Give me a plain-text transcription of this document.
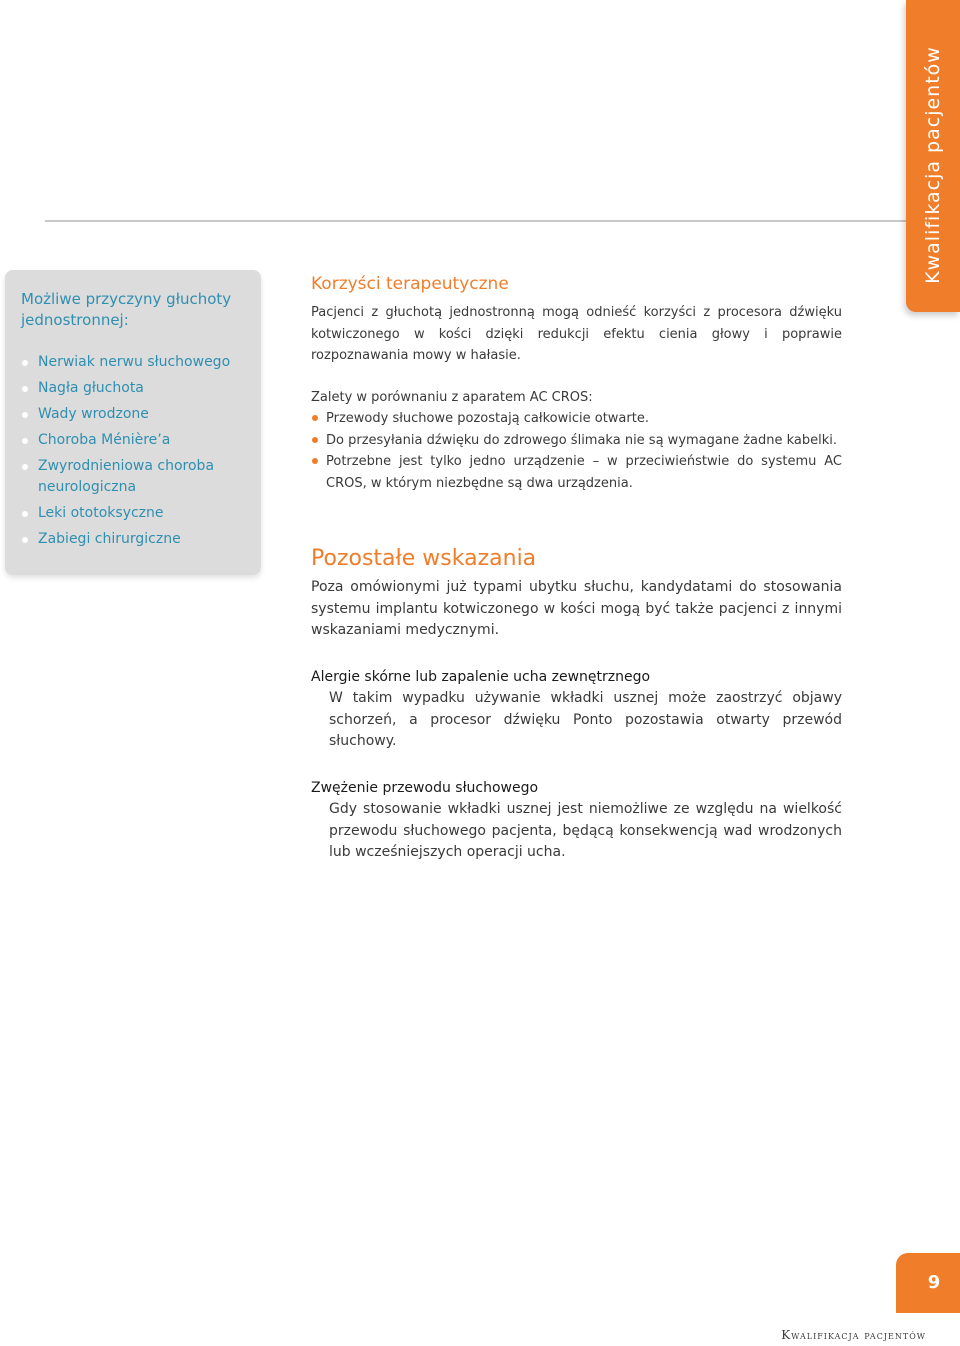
Kwalifikacja pacjentów
Możliwe przyczyny głuchoty jednostronnej:
Nerwiak nerwu słuchowego
Nagła głuchota
Wady wrodzone
Choroba Ménière’a
Zwyrodnieniowa choroba neurologiczna
Leki ototoksyczne
Zabiegi chirurgiczne
Korzyści terapeutyczne

Pacjenci z głuchotą jednostronną mogą odnieść korzyści z procesora dźwięku kotwiczonego w kości dzięki redukcji efektu cienia głowy i poprawie rozpoznawania mowy w hałasie.

Zalety w porównaniu z aparatem AC CROS:

Przewody słuchowe pozostają całkowicie otwarte.
Do przesyłania dźwięku do zdrowego ślimaka nie są wymagane żadne kabelki.
Potrzebne jest tylko jedno urządzenie – w przeciwieństwie do systemu AC CROS, w którym niezbędne są dwa urządzenia.
Pozostałe wskazania

Poza omówionymi już typami ubytku słuchu, kandydatami do stosowania systemu implantu kotwiczonego w kości mogą być także pacjenci z innymi wskazaniami medycznymi.

Alergie skórne lub zapalenie ucha zewnętrznego

W takim wypadku używanie wkładki usznej może zaostrzyć objawy schorzeń, a procesor dźwięku Ponto pozostawia otwarty przewód słuchowy.

Zwężenie przewodu słuchowego

Gdy stosowanie wkładki usznej jest niemożliwe ze względu na wielkość przewodu słuchowego pacjenta, będącą konsekwencją wad wrodzonych lub wcześniejszych operacji ucha.

9
Kwalifikacja pacjentów
